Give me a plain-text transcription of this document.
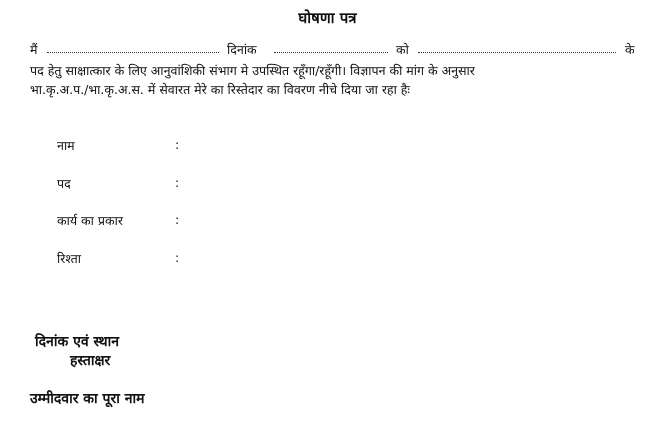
घोषणा पत्र
मैं	दिनांक	को	के
पद हेतु साक्षात्कार के लिए आनुवांशिकी संभाग मे उपस्थित रहूँगा/रहूँगी। विज्ञापन की मांग के अनुसार
भा.कृ.अ.प./भा.कृ.अ.स. में सेवारत मेरे का रिस्तेदार का विवरण नीचे दिया जा रहा हैः
नाम	:
पद	:
कार्य का प्रकार	:
रिश्ता	:
दिनांक एवं स्थान
हस्ताक्षर
उम्मीदवार का पूरा नाम
